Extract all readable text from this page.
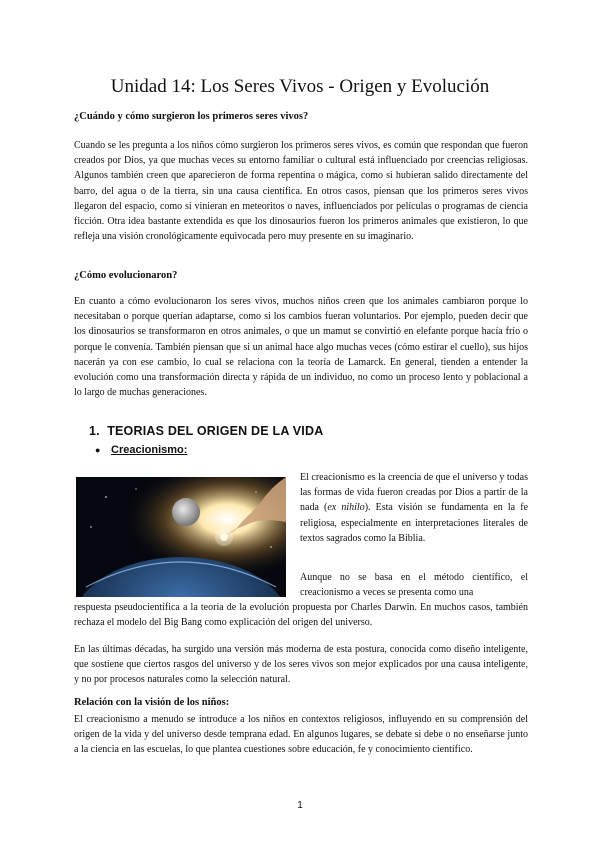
Unidad 14: Los Seres Vivos - Origen y Evolución

¿Cuándo y cómo surgieron los primeros seres vivos?

Cuando se les pregunta a los niños cómo surgieron los primeros seres vivos, es común que respondan que fueron creados por Dios, ya que muchas veces su entorno familiar o cultural está influenciado por creencias religiosas. Algunos también creen que aparecieron de forma repentina o mágica, como si hubieran salido directamente del barro, del agua o de la tierra, sin una causa científica. En otros casos, piensan que los primeros seres vivos llegaron del espacio, como si vinieran en meteoritos o naves, influenciados por películas o programas de ciencia ficción. Otra idea bastante extendida es que los dinosaurios fueron los primeros animales que existieron, lo que refleja una visión cronológicamente equivocada pero muy presente en su imaginario.

¿Cómo evolucionaron?

En cuanto a cómo evolucionaron los seres vivos, muchos niños creen que los animales cambiaron porque lo necesitaban o porque querían adaptarse, como si los cambios fueran voluntarios. Por ejemplo, pueden decir que los dinosaurios se transformaron en otros animales, o que un mamut se convirtió en elefante porque hacía frío o porque le convenía. También piensan que si un animal hace algo muchas veces (cómo estirar el cuello), sus hijos nacerán ya con ese cambio, lo cual se relaciona con la teoría de Lamarck. En general, tienden a entender la evolución como una transformación directa y rápida de un individuo, no como un proceso lento y poblacional a lo largo de muchas generaciones.

1. TEORIAS DEL ORIGEN DE LA VIDA

● Creacionismo:

El creacionismo es la creencia de que el universo y todas las formas de vida fueron creadas por Dios a partir de la nada (ex nihilo). Esta visión se fundamenta en la fe religiosa, especialmente en interpretaciones literales de textos sagrados como la Biblia.

Aunque no se basa en el método científico, el creacionismo a veces se presenta como una

respuesta pseudocientífica a la teoría de la evolución propuesta por Charles Darwin. En muchos casos, también rechaza el modelo del Big Bang como explicación del origen del universo.

En las últimas décadas, ha surgido una versión más moderna de esta postura, conocida como diseño inteligente, que sostiene que ciertos rasgos del universo y de los seres vivos son mejor explicados por una causa inteligente, y no por procesos naturales como la selección natural.

Relación con la visión de los niños:

El creacionismo a menudo se introduce a los niños en contextos religiosos, influyendo en su comprensión del origen de la vida y del universo desde temprana edad. En algunos lugares, se debate si debe o no enseñarse junto a la ciencia en las escuelas, lo que plantea cuestiones sobre educación, fe y conocimiento científico.

1
